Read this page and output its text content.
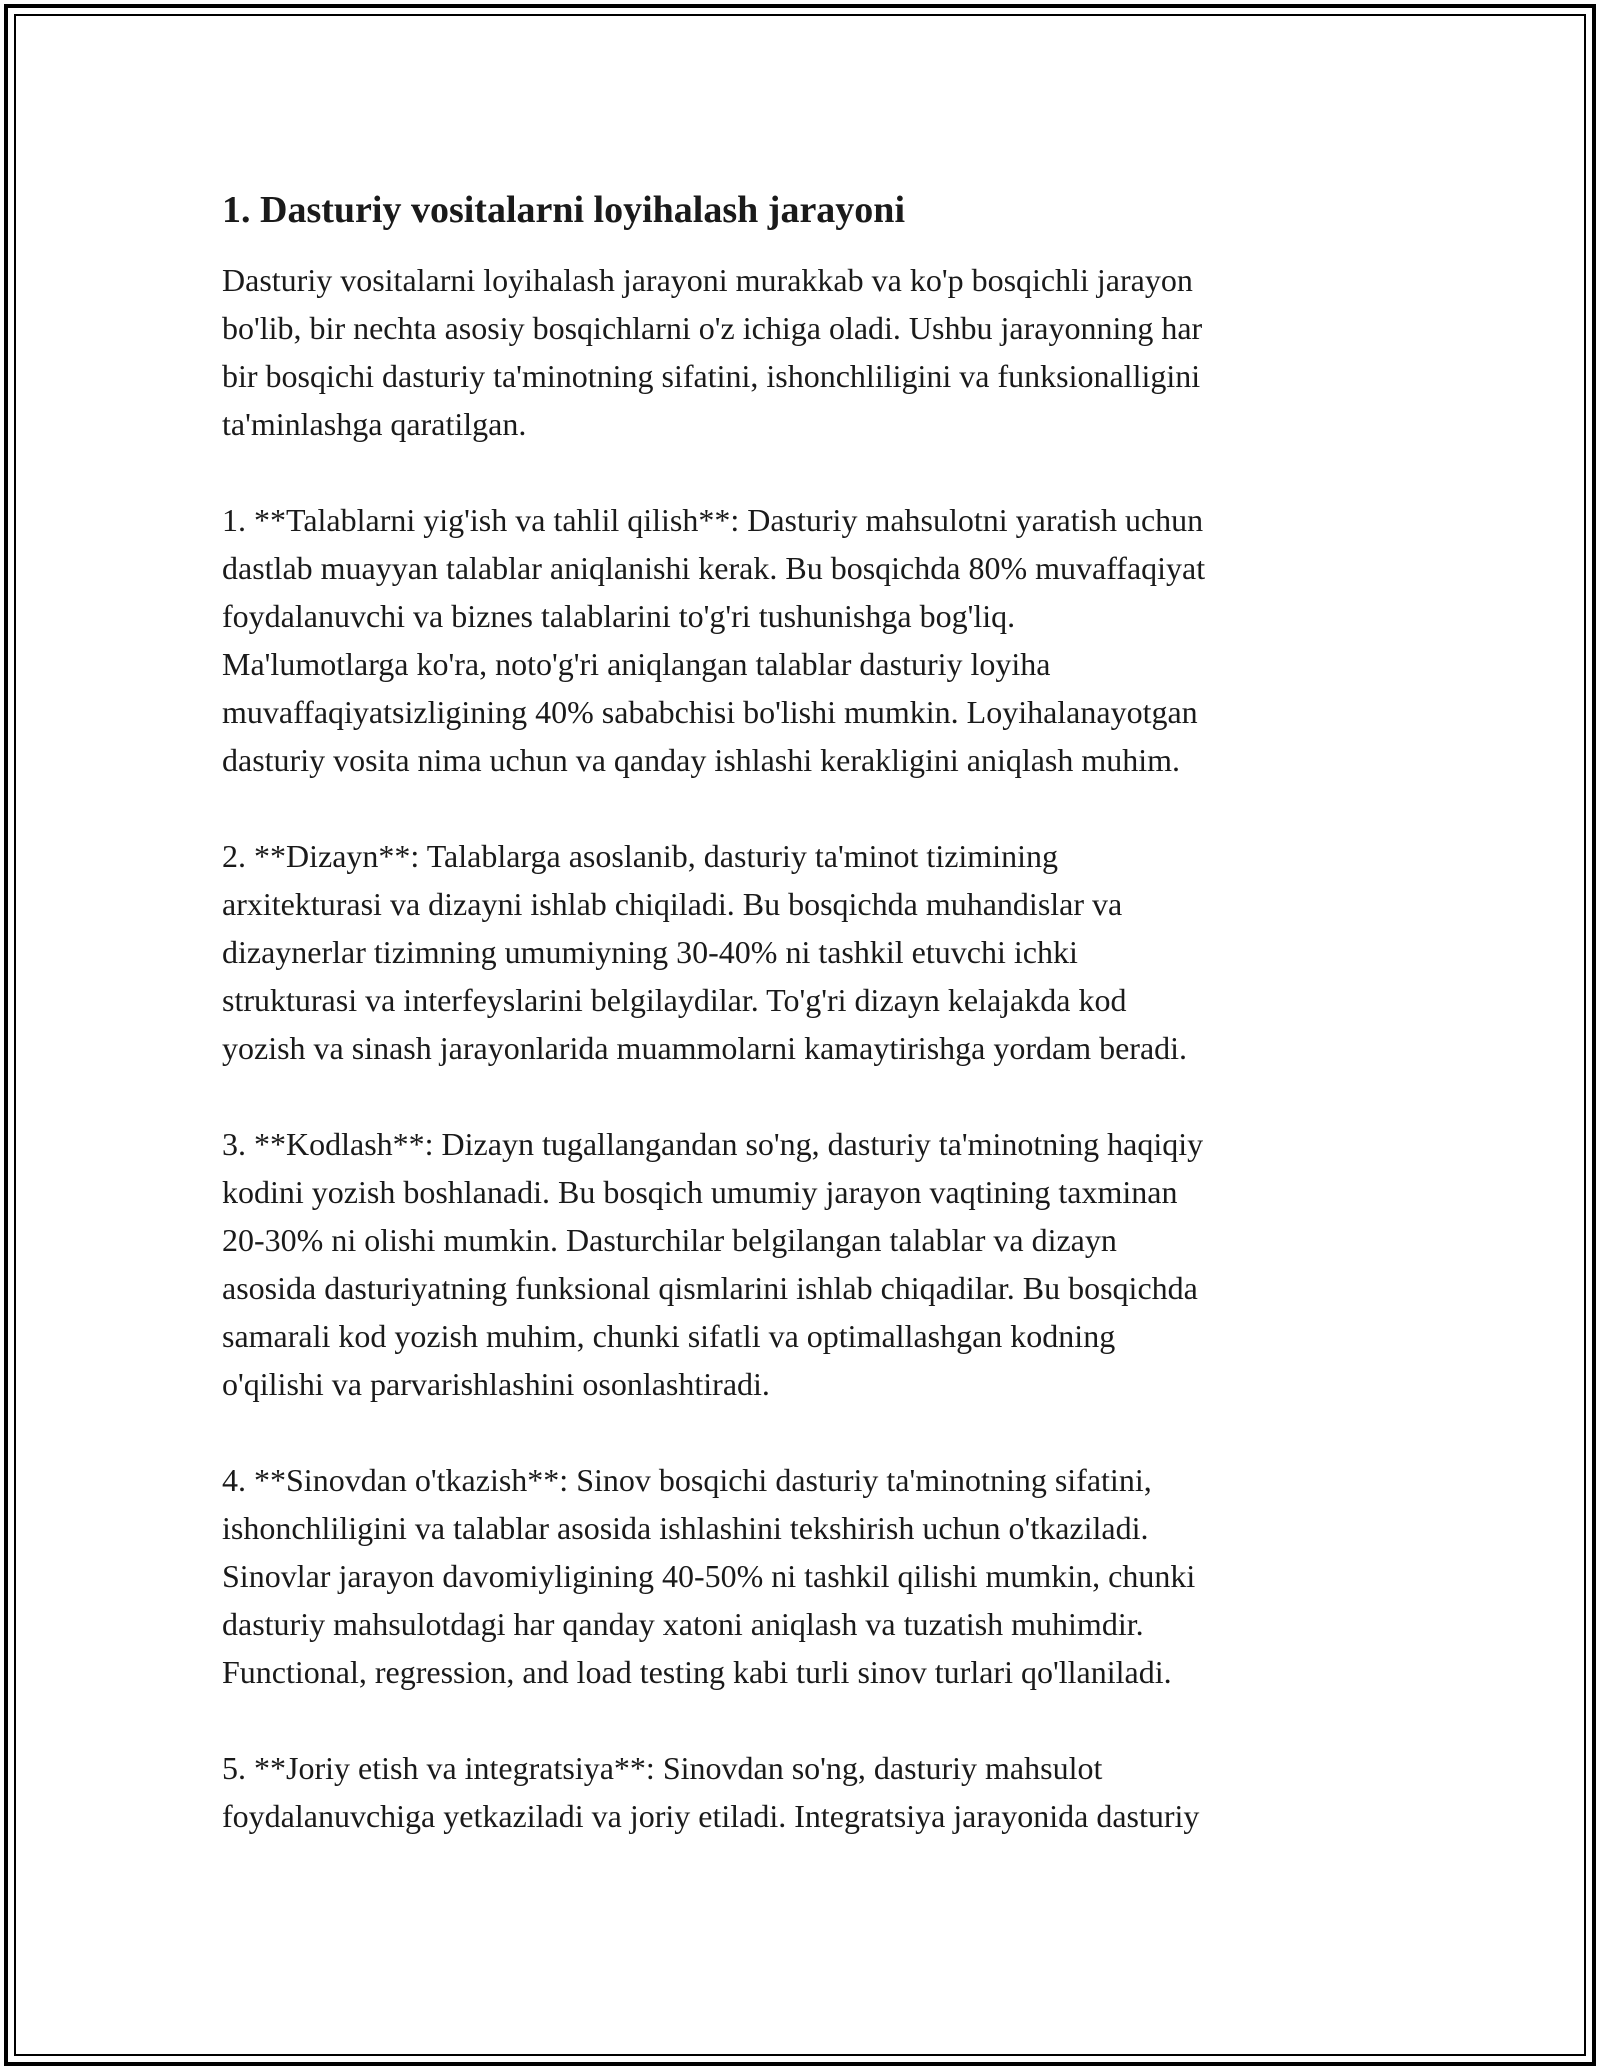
1. Dasturiy vositalarni loyihalash jarayoni

Dasturiy vositalarni loyihalash jarayoni murakkab va ko'p bosqichli jarayon
bo'lib, bir nechta asosiy bosqichlarni o'z ichiga oladi. Ushbu jarayonning har
bir bosqichi dasturiy ta'minotning sifatini, ishonchliligini va funksionalligini
ta'minlashga qaratilgan.

1. **Talablarni yig'ish va tahlil qilish**: Dasturiy mahsulotni yaratish uchun
dastlab muayyan talablar aniqlanishi kerak. Bu bosqichda 80% muvaffaqiyat
foydalanuvchi va biznes talablarini to'g'ri tushunishga bog'liq.
Ma'lumotlarga ko'ra, noto'g'ri aniqlangan talablar dasturiy loyiha
muvaffaqiyatsizligining 40% sababchisi bo'lishi mumkin. Loyihalanayotgan
dasturiy vosita nima uchun va qanday ishlashi kerakligini aniqlash muhim.

2. **Dizayn**: Talablarga asoslanib, dasturiy ta'minot tizimining
arxitekturasi va dizayni ishlab chiqiladi. Bu bosqichda muhandislar va
dizaynerlar tizimning umumiyning 30-40% ni tashkil etuvchi ichki
strukturasi va interfeyslarini belgilaydilar. To'g'ri dizayn kelajakda kod
yozish va sinash jarayonlarida muammolarni kamaytirishga yordam beradi.

3. **Kodlash**: Dizayn tugallangandan so'ng, dasturiy ta'minotning haqiqiy
kodini yozish boshlanadi. Bu bosqich umumiy jarayon vaqtining taxminan
20-30% ni olishi mumkin. Dasturchilar belgilangan talablar va dizayn
asosida dasturiyatning funksional qismlarini ishlab chiqadilar. Bu bosqichda
samarali kod yozish muhim, chunki sifatli va optimallashgan kodning
o'qilishi va parvarishlashini osonlashtiradi.

4. **Sinovdan o'tkazish**: Sinov bosqichi dasturiy ta'minotning sifatini,
ishonchliligini va talablar asosida ishlashini tekshirish uchun o'tkaziladi.
Sinovlar jarayon davomiyligining 40-50% ni tashkil qilishi mumkin, chunki
dasturiy mahsulotdagi har qanday xatoni aniqlash va tuzatish muhimdir.
Functional, regression, and load testing kabi turli sinov turlari qo'llaniladi.

5. **Joriy etish va integratsiya**: Sinovdan so'ng, dasturiy mahsulot
foydalanuvchiga yetkaziladi va joriy etiladi. Integratsiya jarayonida dasturiy
